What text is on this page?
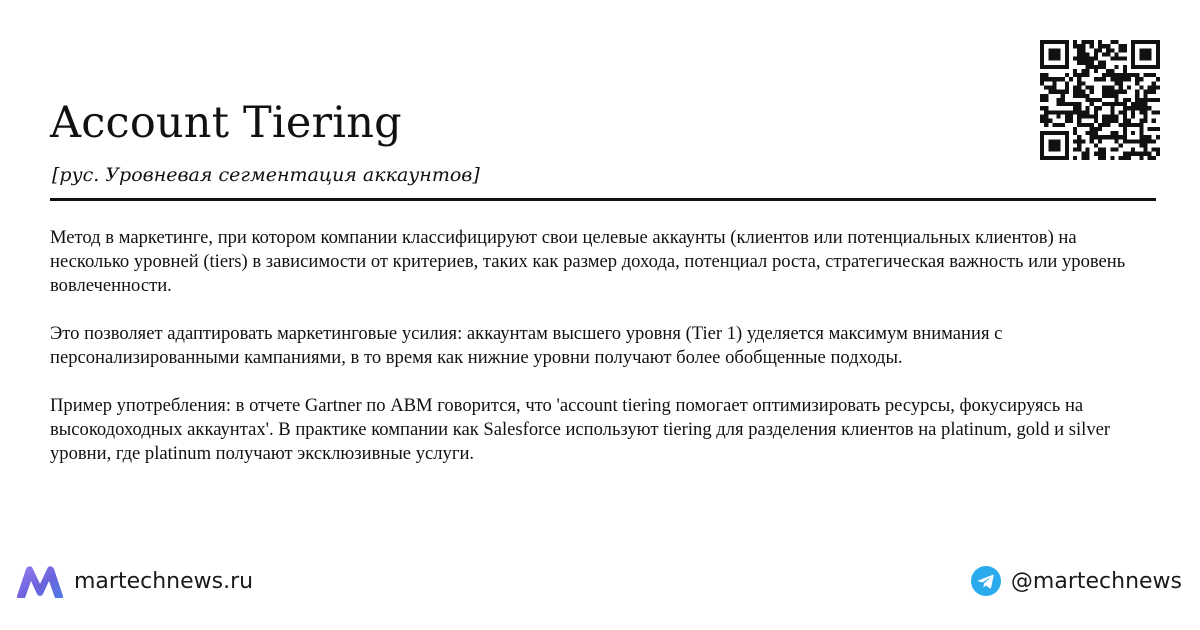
Account Tiering
[рус. Уровневая сегментация аккаунтов]

Метод в маркетинге, при котором компании классифицируют свои целевые аккаунты (клиентов или потенциальных клиентов) на несколько уровней (tiers) в зависимости от критериев, таких как размер дохода, потенциал роста, стратегическая важность или уровень вовлеченности.

Это позволяет адаптировать маркетинговые усилия: аккаунтам высшего уровня (Tier 1) уделяется максимум внимания с персонализированными кампаниями, в то время как нижние уровни получают более обобщенные подходы.

Пример употребления: в отчете Gartner по ABM говорится, что 'account tiering помогает оптимизировать ресурсы, фокусируясь на высокодоходных аккаунтах'. В практике компании как Salesforce используют tiering для разделения клиентов на platinum, gold и silver уровни, где platinum получают эксклюзивные услуги.

martechnews.ru	@martechnews
